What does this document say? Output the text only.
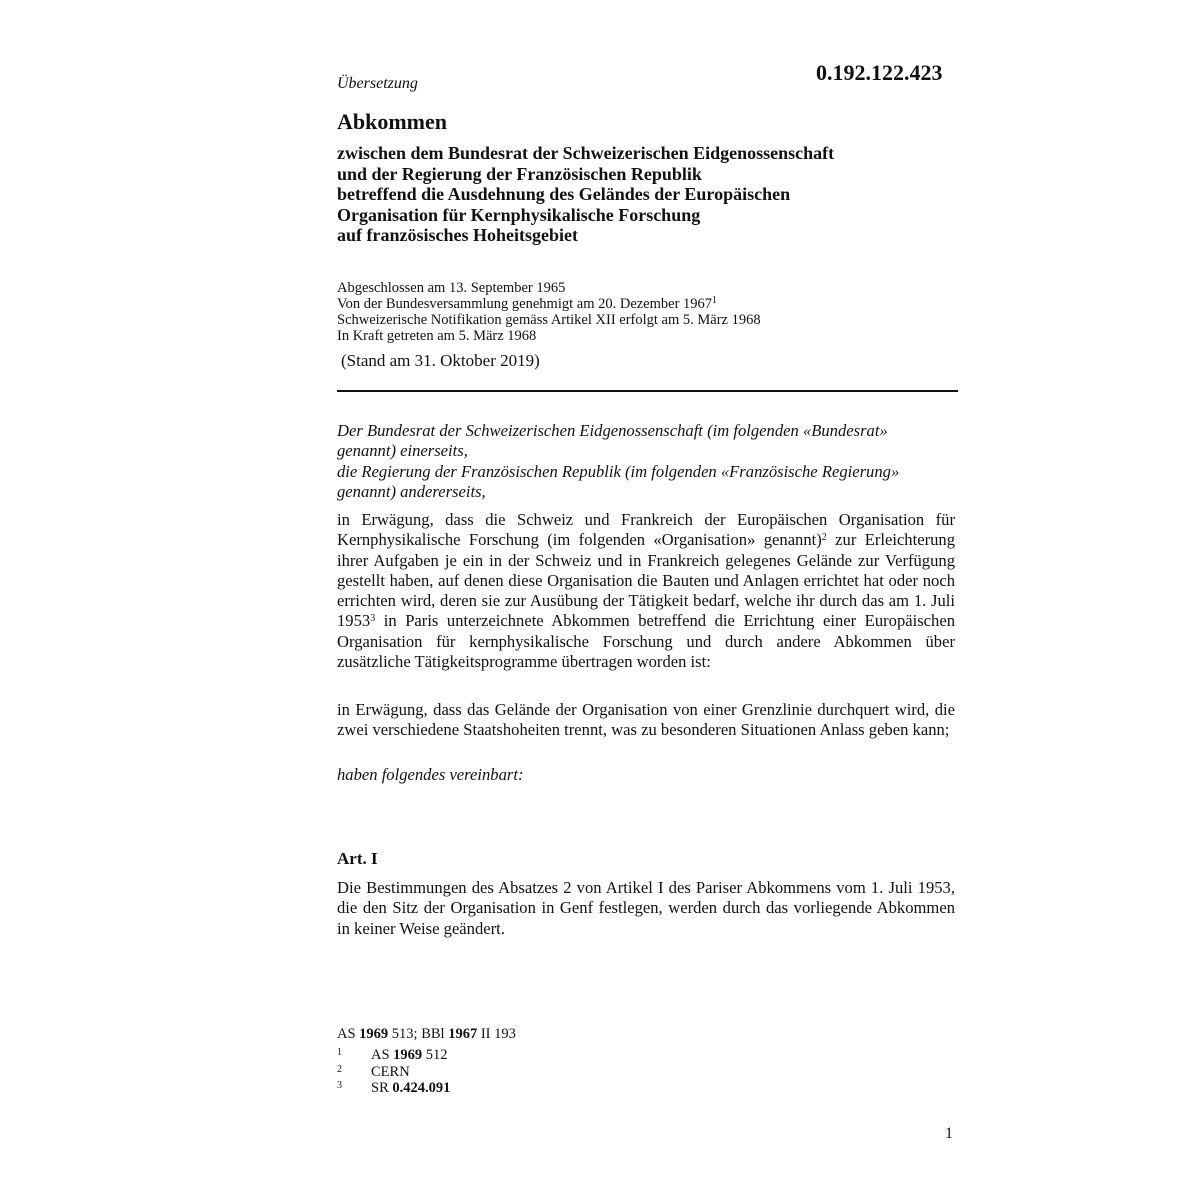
0.192.122.423
Übersetzung
Abkommen
zwischen dem Bundesrat der Schweizerischen Eidgenossenschaft
und der Regierung der Französischen Republik
betreffend die Ausdehnung des Geländes der Europäischen
Organisation für Kernphysikalische Forschung
auf französisches Hoheitsgebiet
Abgeschlossen am 13. September 1965
Von der Bundesversammlung genehmigt am 20. Dezember 1967$^1$
Schweizerische Notifikation gemäss Artikel XII erfolgt am 5. März 1968
In Kraft getreten am 5. März 1968
(Stand am 31. Oktober 2019)
Der Bundesrat der Schweizerischen Eidgenossenschaft (im folgenden «Bundesrat»
genannt) einerseits,
die Regierung der Französischen Republik (im folgenden «Französische Regierung»
genannt) andererseits,
in Erwägung, dass die Schweiz und Frankreich der Europäischen Organisation für Kernphysikalische Forschung (im folgenden «Organisation» genannt)$^2$ zur Erleichterung ihrer Aufgaben je ein in der Schweiz und in Frankreich gelegenes Gelände zur Verfügung gestellt haben, auf denen diese Organisation die Bauten und Anlagen errichtet hat oder noch errichten wird, deren sie zur Ausübung der Tätigkeit bedarf, welche ihr durch das am 1. Juli 1953$^3$ in Paris unterzeichnete Abkommen betreffend die Errichtung einer Europäischen Organisation für kernphysikalische Forschung und durch andere Abkommen über zusätzliche Tätigkeitsprogramme übertragen worden ist:
in Erwägung, dass das Gelände der Organisation von einer Grenzlinie durchquert wird, die zwei verschiedene Staatshoheiten trennt, was zu besonderen Situationen Anlass geben kann;
haben folgendes vereinbart:
Art. I
Die Bestimmungen des Absatzes 2 von Artikel I des Pariser Abkommens vom 1. Juli 1953, die den Sitz der Organisation in Genf festlegen, werden durch das vorliegende Abkommen in keiner Weise geändert.
AS 1969 513; BBl 1967 II 193
1	AS 1969 512
2	CERN
3	SR 0.424.091
1
